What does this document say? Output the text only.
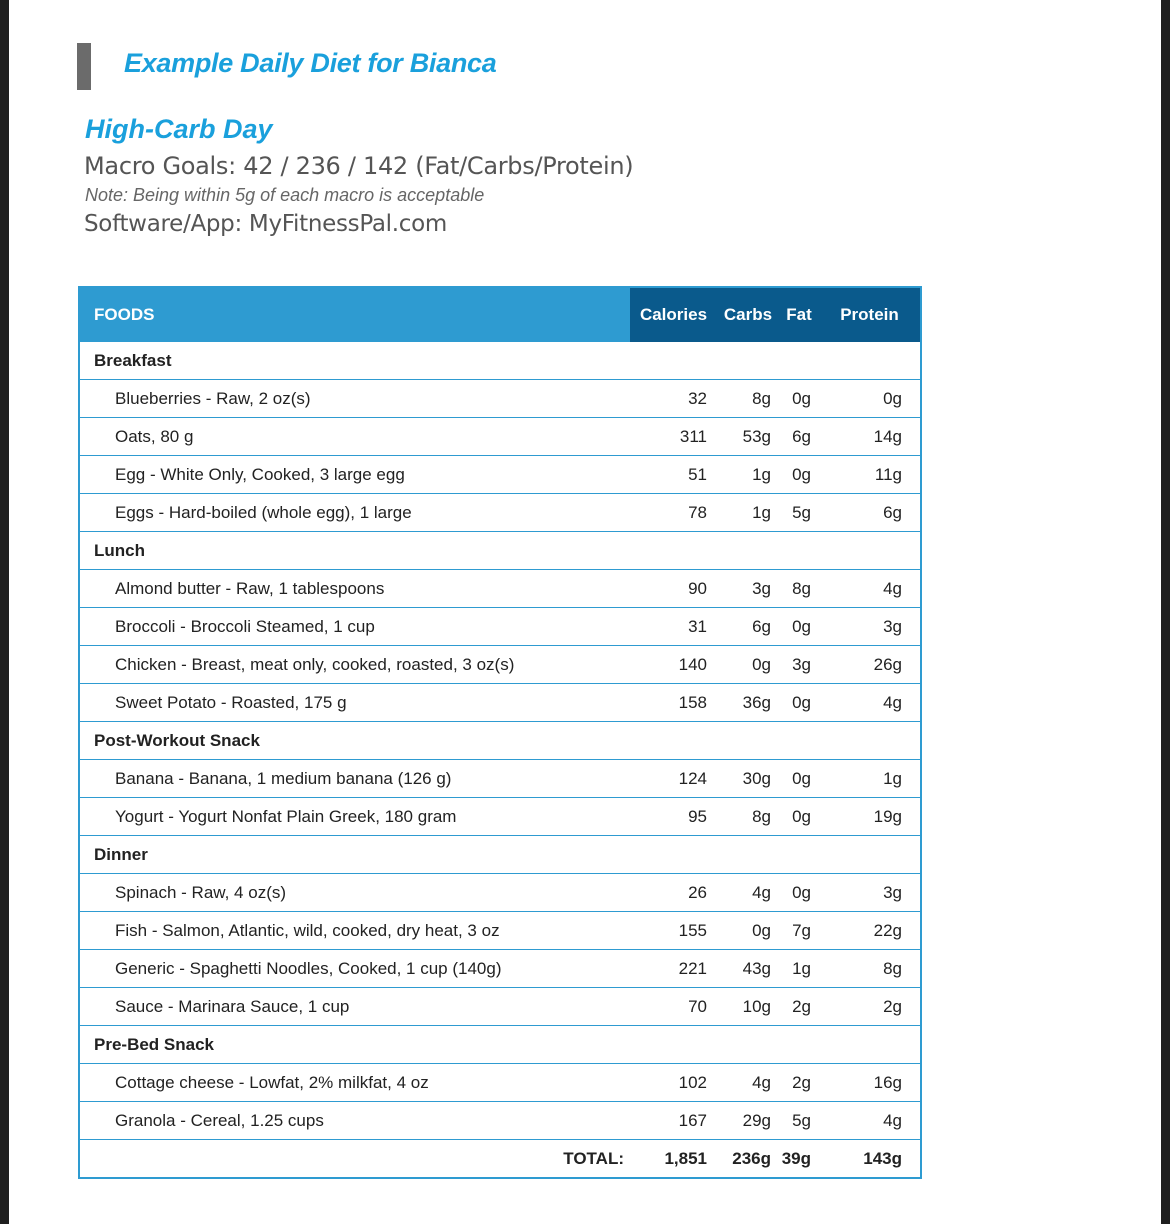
Example Daily Diet for Bianca
High-Carb Day
Macro Goals: 42 / 236 / 142 (Fat/Carbs/Protein)
Note: Being within 5g of each macro is acceptable
Software/App: MyFitnessPal.com
FOODS	Calories	Carbs	Fat	Protein
Breakfast				
Blueberries - Raw, 2 oz(s)	32	8g	0g	0g
Oats, 80 g	311	53g	6g	14g
Egg - White Only, Cooked, 3 large egg	51	1g	0g	11g
Eggs - Hard-boiled (whole egg), 1 large	78	1g	5g	6g
Lunch				
Almond butter - Raw, 1 tablespoons	90	3g	8g	4g
Broccoli - Broccoli Steamed, 1 cup	31	6g	0g	3g
Chicken - Breast, meat only, cooked, roasted, 3 oz(s)	140	0g	3g	26g
Sweet Potato - Roasted, 175 g	158	36g	0g	4g
Post-Workout Snack				
Banana - Banana, 1 medium banana (126 g)	124	30g	0g	1g
Yogurt - Yogurt Nonfat Plain Greek, 180 gram	95	8g	0g	19g
Dinner				
Spinach - Raw, 4 oz(s)	26	4g	0g	3g
Fish - Salmon, Atlantic, wild, cooked, dry heat, 3 oz	155	0g	7g	22g
Generic - Spaghetti Noodles, Cooked, 1 cup (140g)	221	43g	1g	8g
Sauce - Marinara Sauce, 1 cup	70	10g	2g	2g
Pre-Bed Snack				
Cottage cheese - Lowfat, 2% milkfat, 4 oz	102	4g	2g	16g
Granola - Cereal, 1.25 cups	167	29g	5g	4g
TOTAL:	1,851	236g	39g	143g
